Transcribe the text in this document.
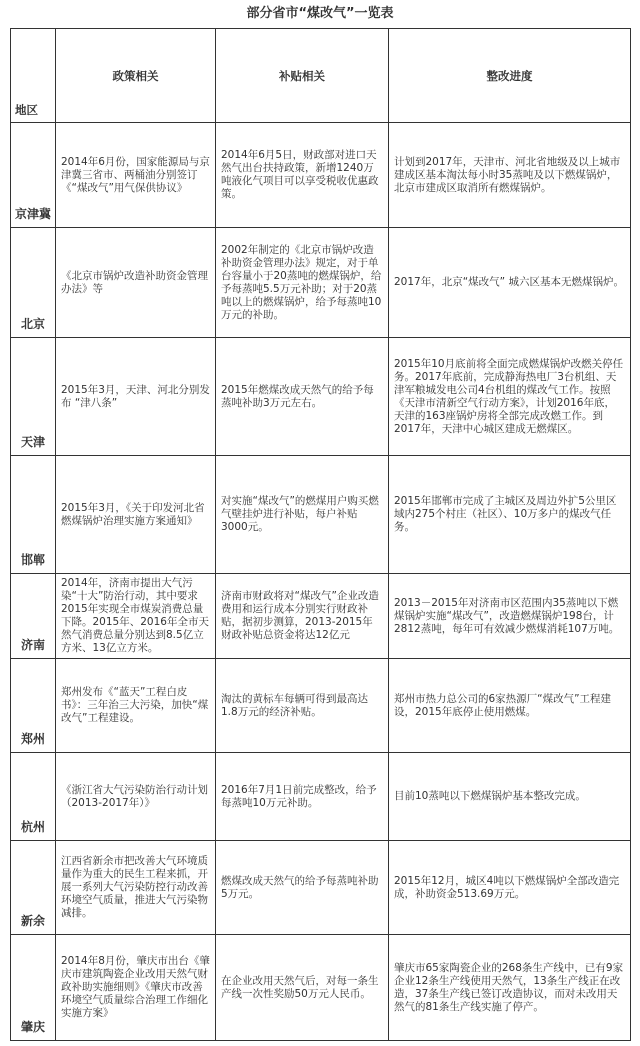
部分省市“煤改气”一览表
地区	政策相关	补贴相关	整改进度
京津冀	2014年6月份，国家能源局与京津冀三省市、两桶油分别签订《“煤改气”用气保供协议》	2014年6月5日，财政部对进口天然气出台扶持政策，新增1240万吨液化气项目可以享受税收优惠政策。	计划到2017年，天津市、河北省地级及以上城市建成区基本淘汰每小时35蒸吨及以下燃煤锅炉，北京市建成区取消所有燃煤锅炉。
北京	《北京市锅炉改造补助资金管理办法》等	2002年制定的《北京市锅炉改造补助资金管理办法》规定，对于单台容量小于20蒸吨的燃煤锅炉，给予每蒸吨5.5万元补助；对于20蒸吨以上的燃煤锅炉，给予每蒸吨10万元的补助。	2017年，北京“煤改气” 城六区基本无燃煤锅炉。
天津	2015年3月，天津、河北分别发布 “津八条”	2015年燃煤改成天然气的给予每蒸吨补助3万元左右。	2015年10月底前将全面完成燃煤锅炉改燃关停任务。2017年底前，完成静海热电厂3台机组、天津军粮城发电公司4台机组的煤改气工作。按照《天津市清新空气行动方案》，计划2016年底，天津的163座锅炉房将全部完成改燃工作。到2017年，天津中心城区建成无燃煤区。
邯郸	2015年3月，《关于印发河北省燃煤锅炉治理实施方案通知》	对实施“煤改气”的燃煤用户购买燃气壁挂炉进行补贴，每户补贴3000元。	2015年邯郸市完成了主城区及周边外扩5公里区域内275个村庄（社区）、10万多户的煤改气任务。
济南	2014年，济南市提出大气污染“十大”防治行动，其中要求2015年实现全市煤炭消费总量下降。2015年、2016年全市天然气消费总量分别达到8.5亿立方米、13亿立方米。	济南市财政将对“煤改气”企业改造费用和运行成本分别实行财政补贴，据初步测算，2013-2015年财政补贴总资金将达12亿元	2013－2015年对济南市区范围内35蒸吨以下燃煤锅炉实施“煤改气”，改造燃煤锅炉198台，计2812蒸吨，每年可有效减少燃煤消耗107万吨。
郑州	郑州发布《“蓝天”工程白皮书》：三年治三大污染，加快“煤改气”工程建设。	淘汰的黄标车每辆可得到最高达1.8万元的经济补贴。	郑州市热力总公司的6家热源厂“煤改气”工程建设，2015年底停止使用燃煤。
杭州	《浙江省大气污染防治行动计划（2013-2017年）》	2016年7月1日前完成整改，给予每蒸吨10万元补助。	目前10蒸吨以下燃煤锅炉基本整改完成。
新余	江西省新余市把改善大气环境质量作为重大的民生工程来抓，开展一系列大气污染防控行动改善环境空气质量，推进大气污染物减排。	燃煤改成天然气的给予每蒸吨补助5万元。	2015年12月，城区4吨以下燃煤锅炉全部改造完成，补助资金513.69万元。
肇庆	2014年8月份，肇庆市出台《肇庆市建筑陶瓷企业改用天然气财政补助实施细则》《肇庆市改善环境空气质量综合治理工作细化实施方案》	在企业改用天然气后，对每一条生产线一次性奖励50万元人民币。	肇庆市65家陶瓷企业的268条生产线中，已有9家企业12条生产线使用天然气，13条生产线正在改造，37条生产线已签订改造协议，而对未改用天然气的81条生产线实施了停产。
